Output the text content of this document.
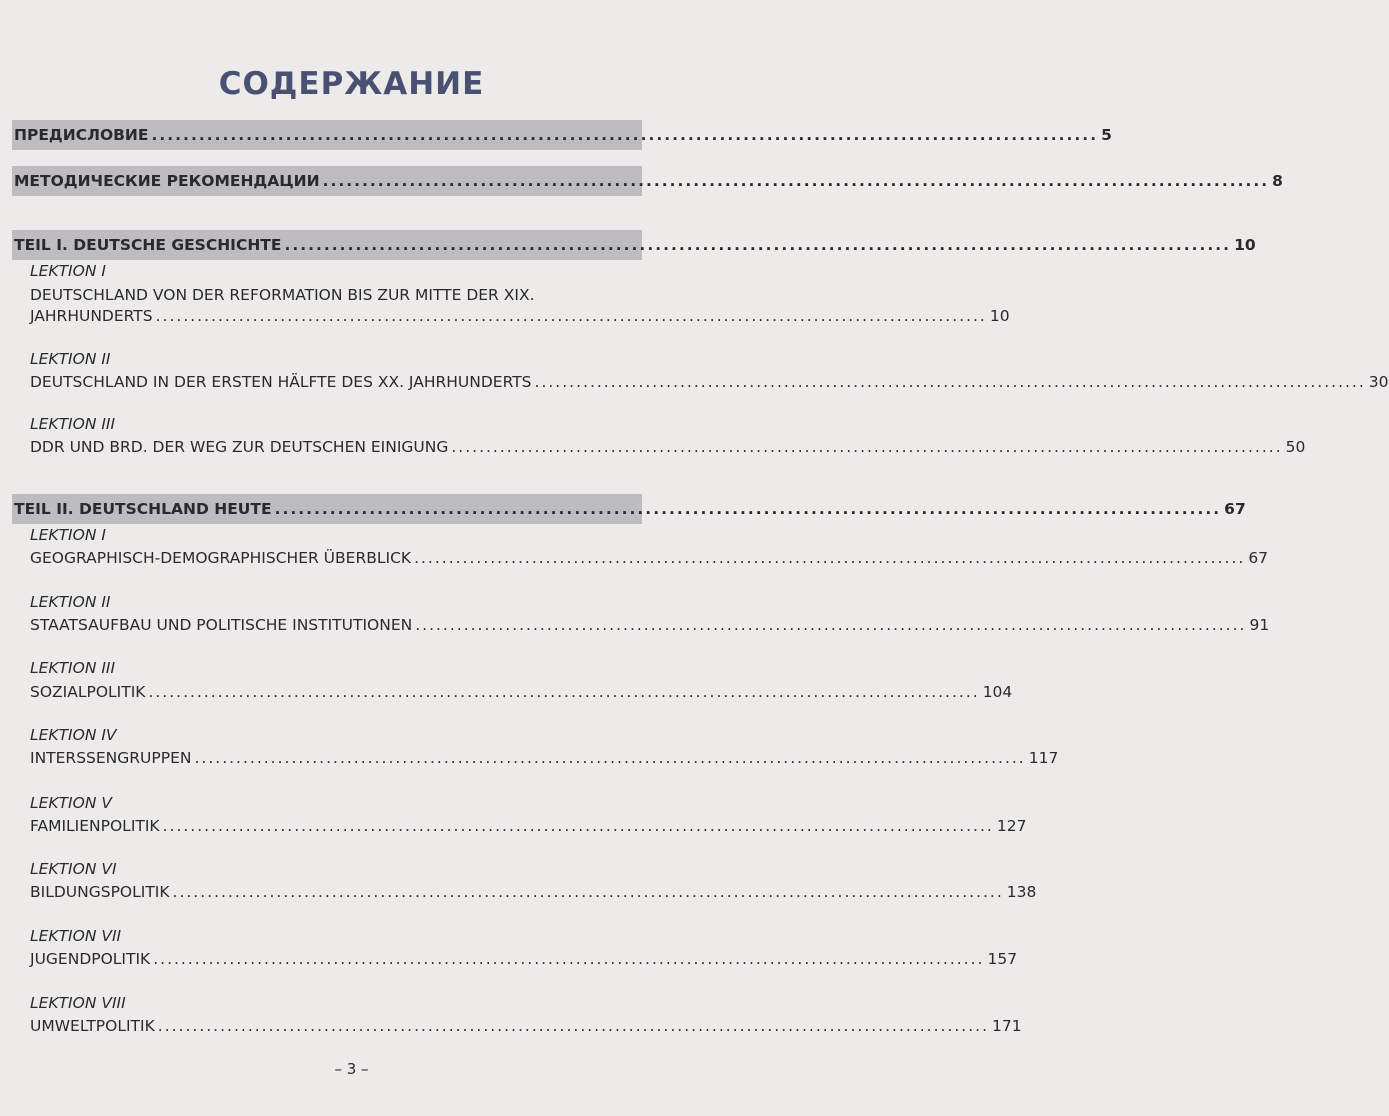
СОДЕРЖАНИЕ
ПРЕДИСЛОВИЕ ........................................................................................................................ 5
МЕТОДИЧЕСКИЕ РЕКОМЕНДАЦИИ ........................................................................................................................ 8
TEIL I. DEUTSCHE GESCHICHTE ........................................................................................................................ 10
LEKTION I
DEUTSCHLAND VON DER REFORMATION BIS ZUR MITTE DER XIX.
JAHRHUNDERTS ........................................................................................................................ 10
LEKTION II
DEUTSCHLAND IN DER ERSTEN HÄLFTE DES XX. JAHRHUNDERTS ........................................................................................................................ 30
LEKTION III
DDR UND BRD. DER WEG ZUR DEUTSCHEN EINIGUNG ........................................................................................................................ 50
TEIL II. DEUTSCHLAND HEUTE ........................................................................................................................ 67
LEKTION I
GEOGRAPHISCH-DEMOGRAPHISCHER ÜBERBLICK ........................................................................................................................ 67
LEKTION II
STAATSAUFBAU UND POLITISCHE INSTITUTIONEN ........................................................................................................................ 91
LEKTION III
SOZIALPOLITIK ........................................................................................................................ 104
LEKTION IV
INTERSSENGRUPPEN ........................................................................................................................ 117
LEKTION V
FAMILIENPOLITIK ........................................................................................................................ 127
LEKTION VI
BILDUNGSPOLITIK ........................................................................................................................ 138
LEKTION VII
JUGENDPOLITIK ........................................................................................................................ 157
LEKTION VIII
UMWELTPOLITIK ........................................................................................................................ 171
– 3 –
